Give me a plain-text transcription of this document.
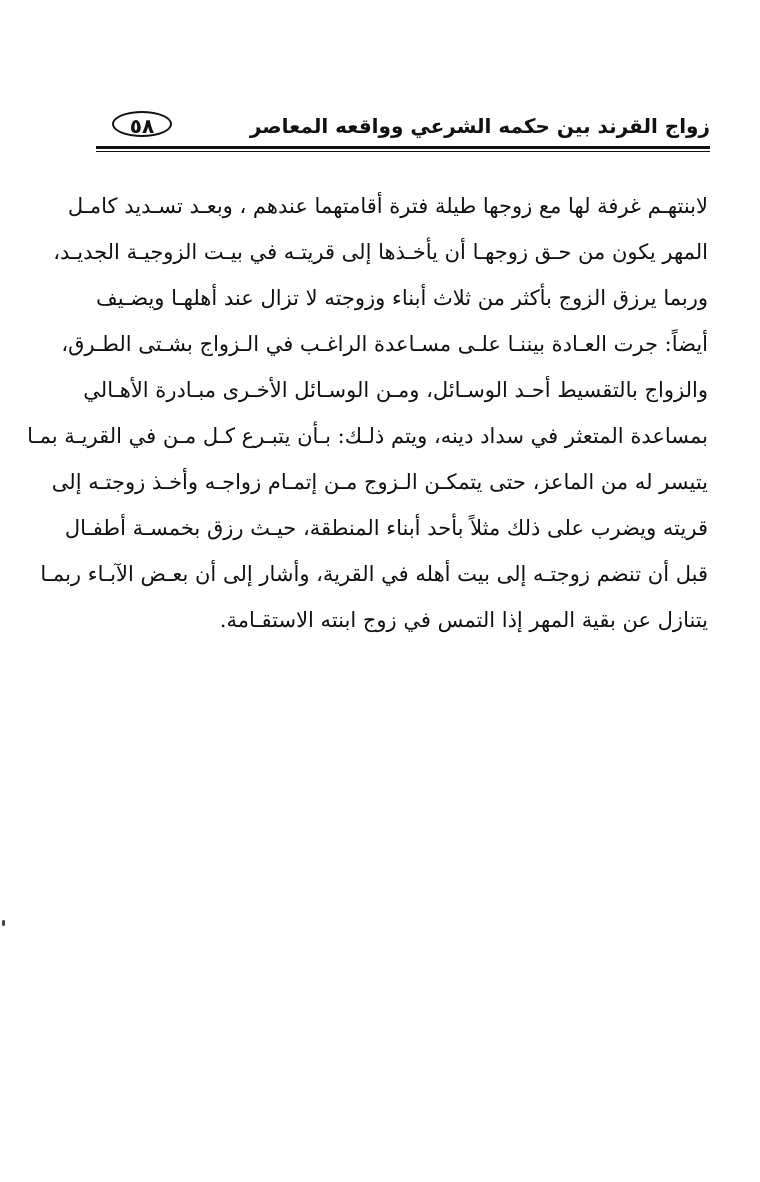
٥٨	زواج القرند بين حكمه الشرعي وواقعه المعاصر
لابنتهـم غرفة لها مع زوجها طيلة فترة أقامتهما عندهم ، وبعـد تسـديد كامـل
المهر يكون من حـق زوجهـا أن يأخـذها إلى قريتـه في بيـت الزوجيـة الجديـد،
وربما يرزق الزوج بأكثر من ثلاث أبناء وزوجته لا تزال عند أهلهـا ويضـيف
أيضاً: جرت العـادة بيننـا علـى مسـاعدة الراغـب في الـزواج بشـتى الطـرق،
والزواج بالتقسيط أحـد الوسـائل، ومـن الوسـائل الأخـرى مبـادرة الأهـالي
بمساعدة المتعثر في سداد دينه، ويتم ذلـك: بـأن يتبـرع كـل مـن في القريـة بمـا
يتيسر له من الماعز، حتى يتمكـن الـزوج مـن إتمـام زواجـه وأخـذ زوجتـه إلى
قريته ويضرب على ذلك مثلاً بأحد أبناء المنطقة، حيـث رزق بخمسـة أطفـال
قبل أن تنضم زوجتـه إلى بيت أهله في القرية، وأشار إلى أن بعـض الآبـاء ربمـا
يتنازل عن بقية المهر إذا التمس في زوج ابنته الاستقـامة.
